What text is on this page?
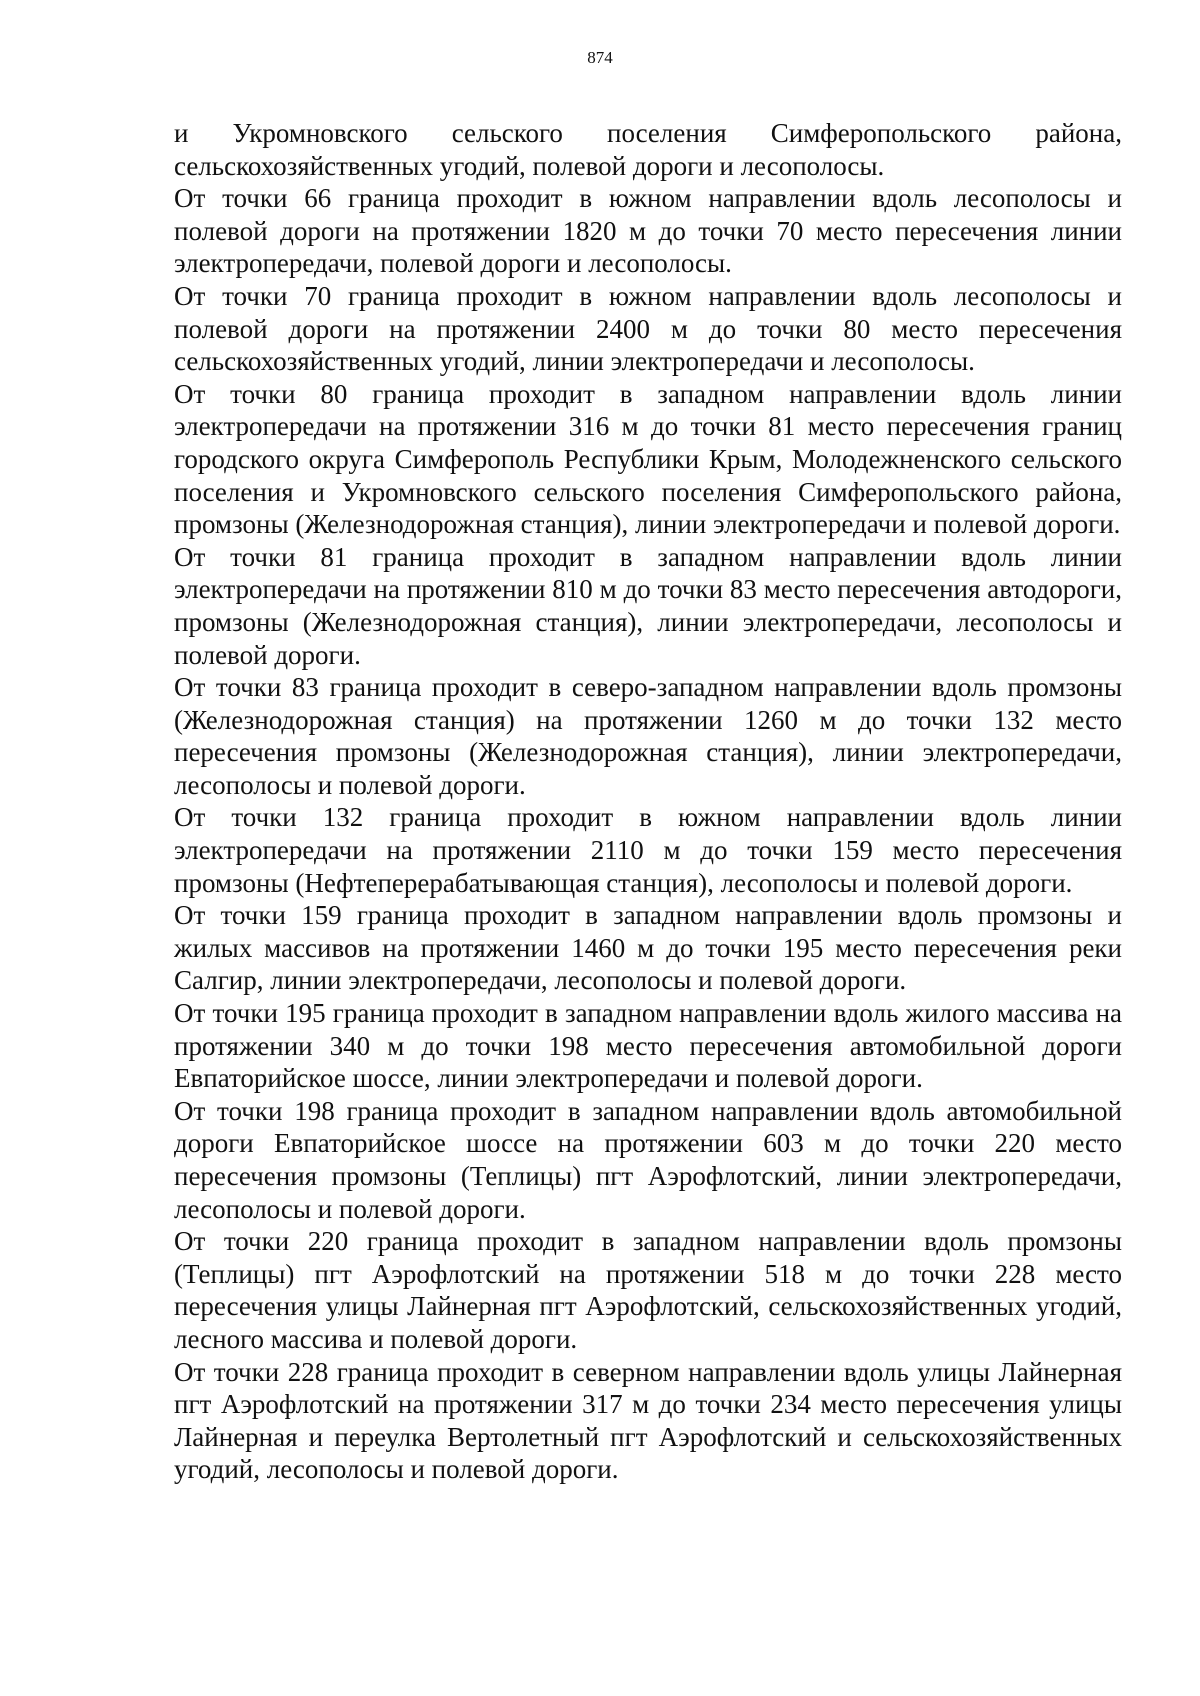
874

и Укромновского сельского поселения Симферопольского района, сельскохозяйственных угодий, полевой дороги и лесополосы.

От точки 66 граница проходит в южном направлении вдоль лесополосы и полевой дороги на протяжении 1820 м до точки 70 место пересечения линии электропередачи, полевой дороги и лесополосы.

От точки 70 граница проходит в южном направлении вдоль лесополосы и полевой дороги на протяжении 2400 м до точки 80 место пересечения сельскохозяйственных угодий, линии электропередачи и лесополосы.

От точки 80 граница проходит в западном направлении вдоль линии электропередачи на протяжении 316 м до точки 81 место пересечения границ городского округа Симферополь Республики Крым, Молодежненского сельского поселения и Укромновского сельского поселения Симферопольского района, промзоны (Железнодорожная станция), линии электропередачи и полевой дороги.

От точки 81 граница проходит в западном направлении вдоль линии электропередачи на протяжении 810 м до точки 83 место пересечения автодороги, промзоны (Железнодорожная станция), линии электропередачи, лесополосы и полевой дороги.

От точки 83 граница проходит в северо-западном направлении вдоль промзоны (Железнодорожная станция) на протяжении 1260 м до точки 132 место пересечения промзоны (Железнодорожная станция), линии электропередачи, лесополосы и полевой дороги.

От точки 132 граница проходит в южном направлении вдоль линии электропередачи на протяжении 2110 м до точки 159 место пересечения промзоны (Нефтеперерабатывающая станция), лесополосы и полевой дороги.

От точки 159 граница проходит в западном направлении вдоль промзоны и жилых массивов на протяжении 1460 м до точки 195 место пересечения реки Салгир, линии электропередачи, лесополосы и полевой дороги.

От точки 195 граница проходит в западном направлении вдоль жилого массива на протяжении 340 м до точки 198 место пересечения автомобильной дороги Евпаторийское шоссе, линии электропередачи и полевой дороги.

От точки 198 граница проходит в западном направлении вдоль автомобильной дороги Евпаторийское шоссе на протяжении 603 м до точки 220 место пересечения промзоны (Теплицы) пгт Аэрофлотский, линии электропередачи, лесополосы и полевой дороги.

От точки 220 граница проходит в западном направлении вдоль промзоны (Теплицы) пгт Аэрофлотский на протяжении 518 м до точки 228 место пересечения улицы Лайнерная пгт Аэрофлотский, сельскохозяйственных угодий, лесного массива и полевой дороги.

От точки 228 граница проходит в северном направлении вдоль улицы Лайнерная пгт Аэрофлотский на протяжении 317 м до точки 234 место пересечения улицы Лайнерная и переулка Вертолетный пгт Аэрофлотский и сельскохозяйственных угодий, лесополосы и полевой дороги.
